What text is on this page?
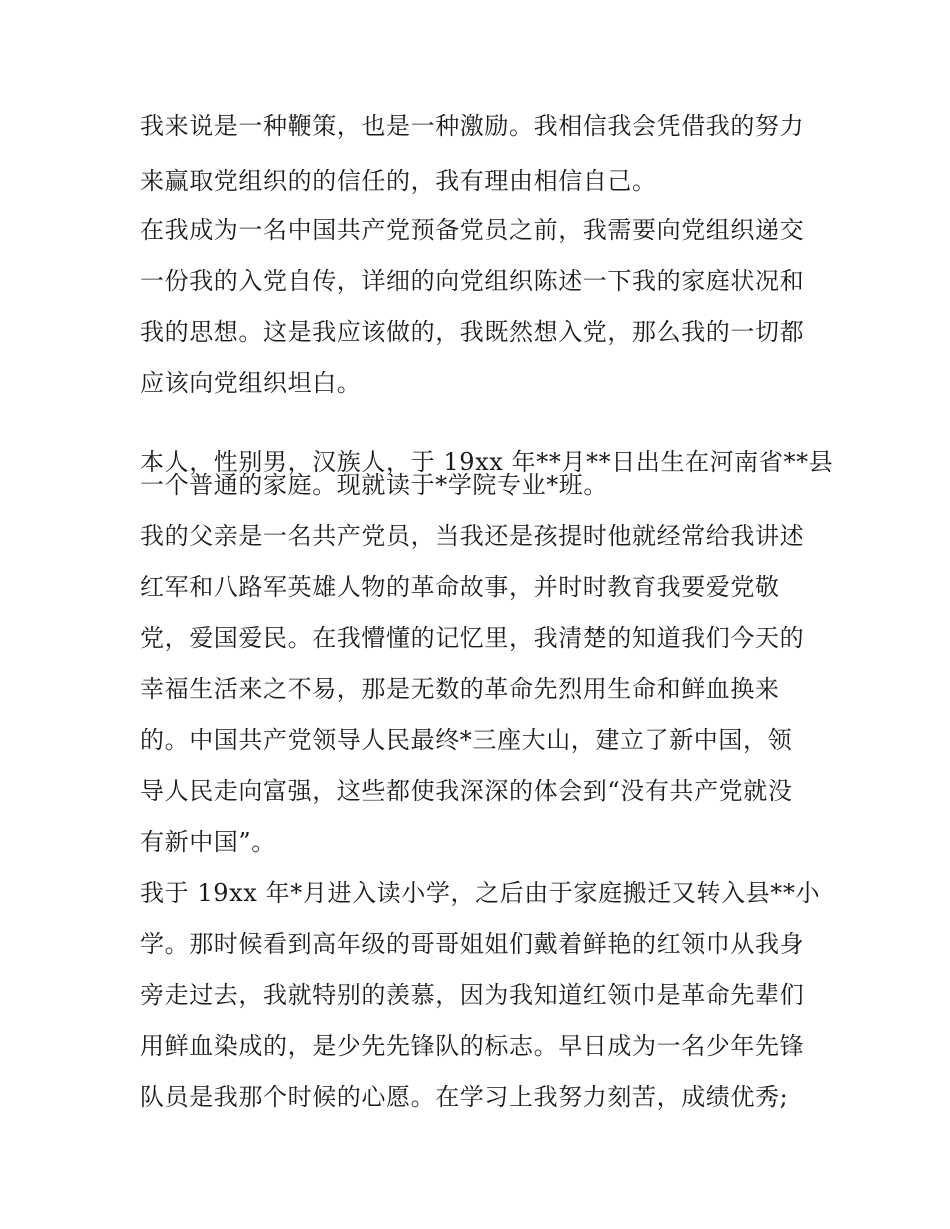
我来说是一种鞭策，也是一种激励。我相信我会凭借我的努力
来赢取党组织的的信任的，我有理由相信自己。
在我成为一名中国共产党预备党员之前，我需要向党组织递交
一份我的入党自传，详细的向党组织陈述一下我的家庭状况和
我的思想。这是我应该做的，我既然想入党，那么我的一切都
应该向党组织坦白。
本人，性别男，汉族人，于 19xx 年**月**日出生在河南省**县
一个普通的家庭。现就读于*学院专业*班。
我的父亲是一名共产党员，当我还是孩提时他就经常给我讲述
红军和八路军英雄人物的革命故事，并时时教育我要爱党敬
党，爱国爱民。在我懵懂的记忆里，我清楚的知道我们今天的
幸福生活来之不易，那是无数的革命先烈用生命和鲜血换来
的。中国共产党领导人民最终*三座大山，建立了新中国，领
导人民走向富强，这些都使我深深的体会到“没有共产党就没
有新中国”。
我于 19xx 年*月进入读小学，之后由于家庭搬迁又转入县**小
学。那时候看到高年级的哥哥姐姐们戴着鲜艳的红领巾从我身
旁走过去，我就特别的羡慕，因为我知道红领巾是革命先辈们
用鲜血染成的，是少先先锋队的标志。早日成为一名少年先锋
队员是我那个时候的心愿。在学习上我努力刻苦，成绩优秀;
